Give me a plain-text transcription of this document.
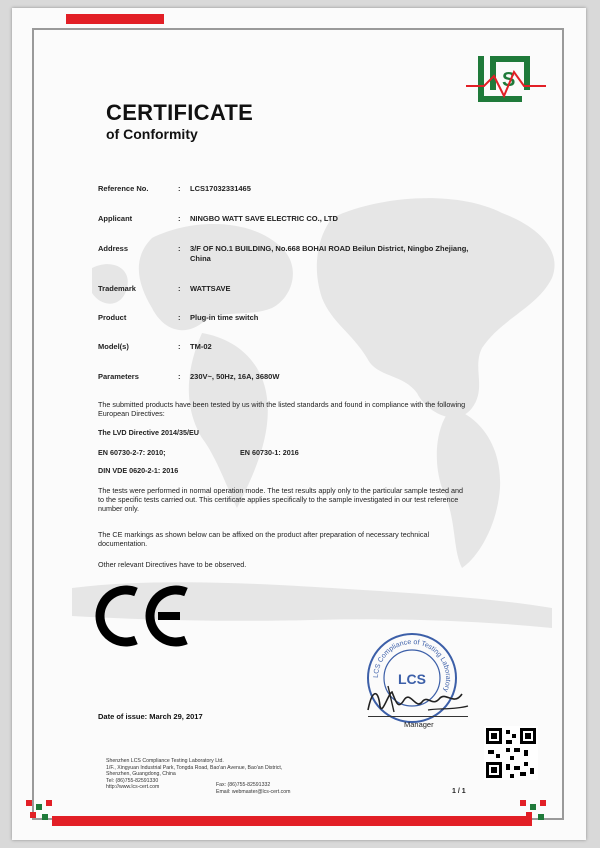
S
CERTIFICATE
of Conformity
Reference No.	: LCS17032331465
Applicant	: NINGBO WATT SAVE ELECTRIC CO., LTD
Address	: 3/F OF NO.1 BUILDING, No.668 BOHAI ROAD Beilun District, Ningbo Zhejiang, China
Trademark	: WATTSAVE
Product	: Plug-in time switch
Model(s)	: TM-02
Parameters	: 230V~, 50Hz, 16A, 3680W
The submitted products have been tested by us with the listed standards and found in compliance with the following European Directives:
The LVD Directive 2014/35/EU
EN 60730-2-7: 2010;	EN 60730-1: 2016
DIN VDE 0620-2-1: 2016
The tests were performed in normal operation mode. The test results apply only to the particular sample tested and to the specific tests carried out. This certificate applies specifically to the sample investigated in our test reference number only.
The CE markings as shown below can be affixed on the product after preparation of necessary technical documentation.
Other relevant Directives have to be observed.
LCS Compliance of Testing Laboratory
LCS
Manager
Date of issue: March 29, 2017
Shenzhen LCS Compliance Testing Laboratory Ltd.
1/F., Xingyuan Industrial Park, Tongda Road, Bao'an Avenue, Bao'an District,
Shenzhen, Guangdong, China
Tel: (86)755-82591330
http://www.lcs-cert.com	Fax: (86)755-82591332
Email: webmaster@lcs-cert.com	1 / 1
